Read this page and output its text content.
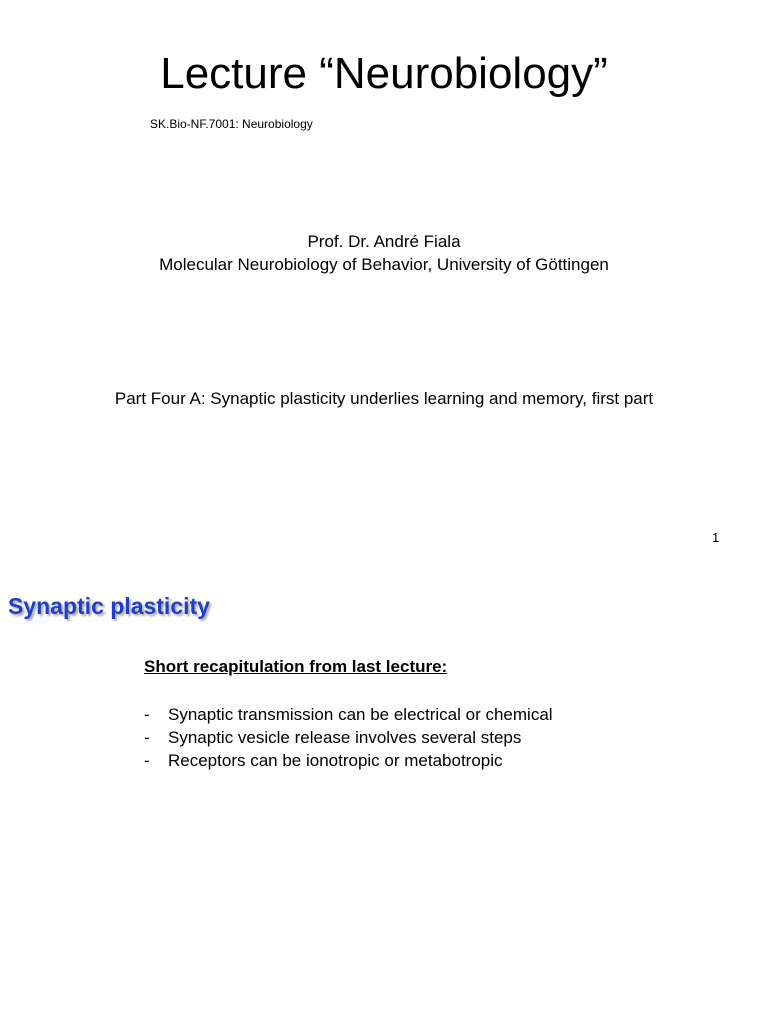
Lecture “Neurobiology”
SK.Bio-NF.7001: Neurobiology
Prof. Dr. André Fiala
Molecular Neurobiology of Behavior, University of Göttingen
Part Four A: Synaptic plasticity underlies learning and memory, first part
1
Synaptic plasticity
Short recapitulation from last lecture:
- Synaptic transmission can be electrical or chemical
- Synaptic vesicle release involves several steps
- Receptors can be ionotropic or metabotropic
